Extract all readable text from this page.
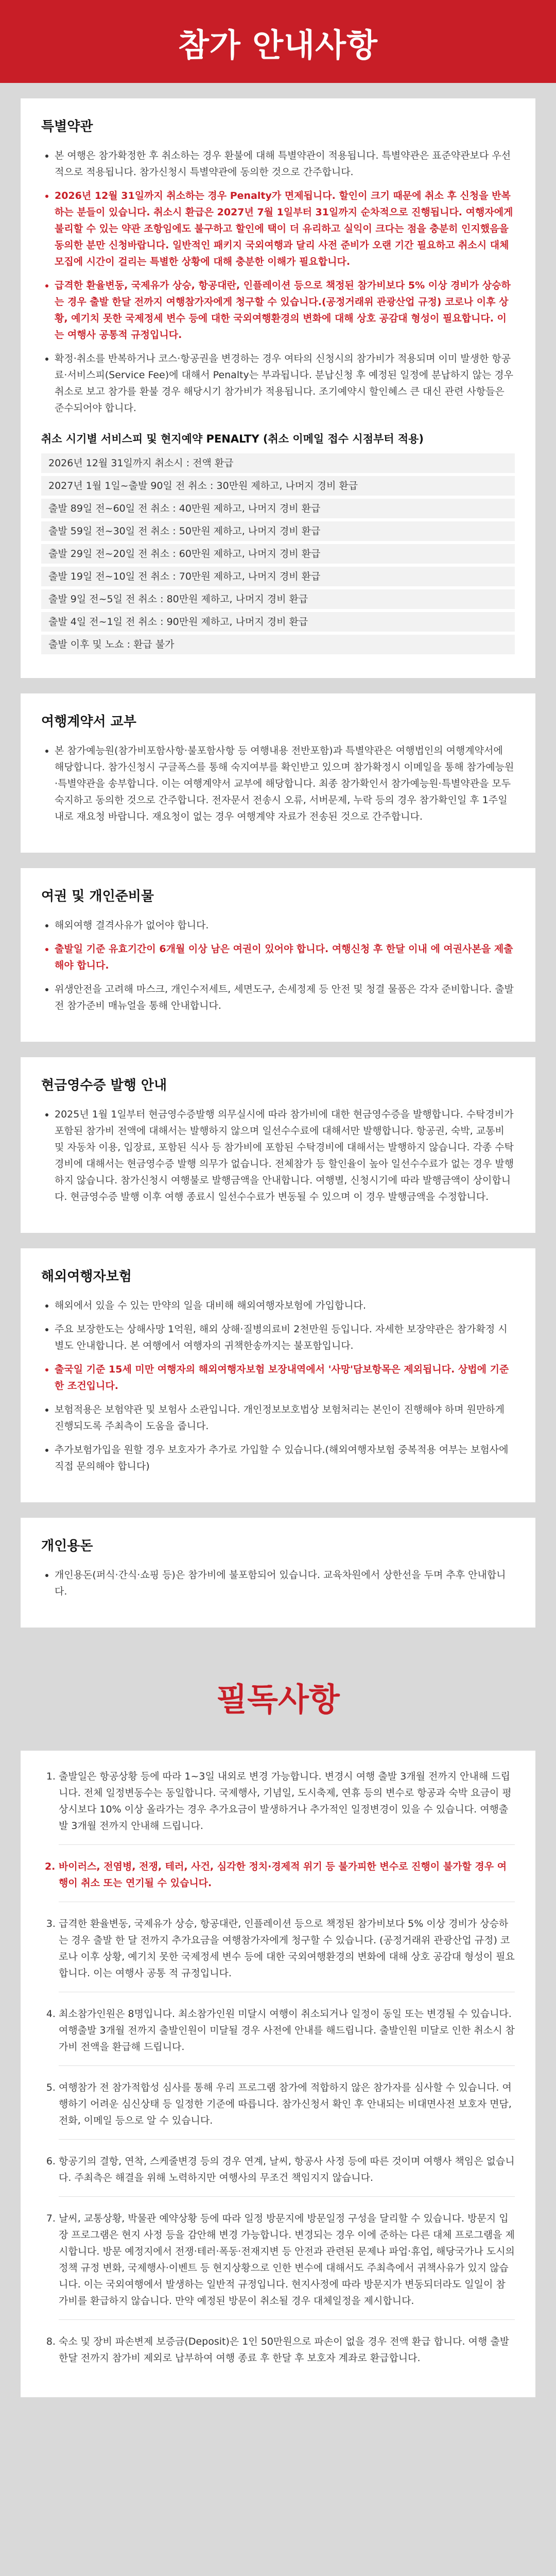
참가 안내사항
특별약관
• 본 여행은 참가확정한 후 취소하는 경우 환불에 대해 특별약관이 적용됩니다. 특별약관은 표준약관보다 우선적으로 적용됩니다. 참가신청시 특별약관에 동의한 것으로 간주합니다.
• 2026년 12월 31일까지 취소하는 경우 Penalty가 면제됩니다. 할인이 크기 때문에 취소 후 신청을 반복하는 분들이 있습니다. 취소시 환급은 2027년 7월 1일부터 31일까지 순차적으로 진행됩니다. 여행자에게 불리할 수 있는 약관 조항임에도 불구하고 할인에 택이 더 유리하고 실익이 크다는 점을 충분히 인지했음을 동의한 분만 신청바랍니다. 일반적인 패키지 국외여행과 달리 사전 준비가 오랜 기간 필요하고 취소시 대체모집에 시간이 걸리는 특별한 상황에 대해 충분한 이해가 필요합니다.
• 급격한 환율변동, 국제유가 상승, 항공대란, 인플레이션 등으로 책정된 참가비보다 5% 이상 경비가 상승하는 경우 출발 한달 전까지 여행참가자에게 청구할 수 있습니다.(공정거래위 관광산업 규정) 코로나 이후 상황, 예기치 못한 국제정세 변수 등에 대한 국외여행환경의 변화에 대해 상호 공감대 형성이 필요합니다. 이는 여행사 공통적 규정입니다.
• 확정·취소를 반복하거나 코스·항공권을 변경하는 경우 여타의 신청시의 참가비가 적용되며 이미 발생한 항공료·서비스피(Service Fee)에 대해서 Penalty는 부과됩니다. 분납신청 후 예정된 일정에 분납하지 않는 경우 취소로 보고 참가를 환불 경우 해당시기 참가비가 적용됩니다. 조기예약시 할인혜스 큰 대신 관련 사항들은 준수되어야 합니다.
취소 시기별 서비스피 및 현지예약 PENALTY (취소 이메일 접수 시점부터 적용)
2026년 12월 31일까지 취소시 : 전액 환급
2027년 1월 1일~출발 90일 전 취소 : 30만원 제하고, 나머지 경비 환급
출발 89일 전~60일 전 취소 : 40만원 제하고, 나머지 경비 환급
출발 59일 전~30일 전 취소 : 50만원 제하고, 나머지 경비 환급
출발 29일 전~20일 전 취소 : 60만원 제하고, 나머지 경비 환급
출발 19일 전~10일 전 취소 : 70만원 제하고, 나머지 경비 환급
출발 9일 전~5일 전 취소 : 80만원 제하고, 나머지 경비 환급
출발 4일 전~1일 전 취소 : 90만원 제하고, 나머지 경비 환급
출발 이후 및 노쇼 : 환급 불가
여행계약서 교부
• 본 참가예능원(참가비포함사항·불포함사항 등 여행내용 전반포함)과 특별약관은 여행법인의 여행계약서에 해당합니다. 참가신청시 구글폭스를 통해 숙지여부를 확인받고 있으며 참가확정시 이메일을 통해 참가예능원·특별약관을 송부합니다. 이는 여행계약서 교부에 해당합니다. 최종 참가확인서 참가예능원·특별약관을 모두 숙지하고 동의한 것으로 간주합니다. 전자문서 전송시 오류, 서버문제, 누락 등의 경우 참가확인일 후 1주일 내로 재요청 바랍니다. 재요청이 없는 경우 여행계약 자료가 전송된 것으로 간주합니다.
여권 및 개인준비물
• 해외여행 결격사유가 없어야 합니다.
• 출발일 기준 유효기간이 6개월 이상 남은 여권이 있어야 합니다. 여행신청 후 한달 이내 에 여권사본을 제출해야 합니다.
• 위생안전을 고려해 마스크, 개인수저세트, 세면도구, 손세정제 등 안전 및 청결 물품은 각자 준비합니다. 출발 전 참가준비 매뉴얼을 통해 안내합니다.
현금영수증 발행 안내
• 2025년 1월 1일부터 현금영수증발행 의무실시에 따라 참가비에 대한 현금영수증을 발행합니다. 수탁경비가 포함된 참가비 전액에 대해서는 발행하지 않으며 일선수수료에 대해서만 발행합니다. 항공권, 숙박, 교통비 및 자동차 이용, 입장료, 포함된 식사 등 참가비에 포함된 수탁경비에 대해서는 발행하지 않습니다. 각종 수탁경비에 대해서는 현금영수증 발행 의무가 없습니다. 전체참가 등 할인율이 높아 일선수수료가 없는 경우 발행하지 않습니다. 참가신청시 여행불로 발행금액을 안내합니다. 여행별, 신청시기에 따라 발행금액이 상이합니다. 현금영수증 발행 이후 여행 종료시 일선수수료가 변동될 수 있으며 이 경우 발행금액을 수정합니다.
해외여행자보험
• 해외에서 있을 수 있는 만약의 일을 대비해 해외여행자보험에 가입합니다.
• 주요 보장한도는 상해사망 1억원, 해외 상해·질병의료비 2천만원 등입니다. 자세한 보장약관은 참가확정 시 별도 안내합니다. 본 여행에서 여행자의 귀책한송까지는 불포함입니다.
• 출국일 기준 15세 미만 여행자의 해외여행자보험 보장내역에서 '사망'담보항목은 제외됩니다. 상법에 기준한 조건입니다.
• 보험적용은 보험약관 및 보험사 소관입니다. 개인정보보호법상 보험처리는 본인이 진행해야 하며 원만하게 진행되도록 주최측이 도움을 줍니다.
• 추가보험가입을 원할 경우 보호자가 추가로 가입할 수 있습니다.(해외여행자보험 중복적용 여부는 보험사에 직접 문의해야 합니다)
개인용돈
• 개인용돈(퍼식·간식·쇼핑 등)은 참가비에 불포함되어 있습니다. 교육차원에서 상한선을 두며 추후 안내합니다.
필독사항
1. 출발일은 항공상황 등에 따라 1~3일 내외로 변경 가능합니다. 변경시 여행 출발 3개월 전까지 안내해 드립니다. 전체 일정변동수는 동일합니다. 국제행사, 기념일, 도시축제, 연휴 등의 변수로 항공과 숙박 요금이 평상시보다 10% 이상 올라가는 경우 추가요금이 발생하거나 추가적인 일정변경이 있을 수 있습니다. 여행출발 3개월 전까지 안내해 드립니다.
2. 바이러스, 전염병, 전쟁, 테러, 사건, 심각한 정치·경제적 위기 등 불가피한 변수로 진행이 불가할 경우 여행이 취소 또는 연기될 수 있습니다.
3. 급격한 환율변동, 국제유가 상승, 항공대란, 인플레이션 등으로 책정된 참가비보다 5% 이상 경비가 상승하는 경우 출발 한 달 전까지 추가요금을 여행참가자에게 청구할 수 있습니다. (공정거래위 관광산업 규정) 코로나 이후 상황, 예기치 못한 국제정세 변수 등에 대한 국외여행환경의 변화에 대해 상호 공감대 형성이 필요합니다. 이는 여행사 공통 적 규정입니다.
4. 최소참가인원은 8명입니다. 최소참가인원 미달시 여행이 취소되거나 일정이 동일 또는 변경될 수 있습니다. 여행출발 3개월 전까지 출발인원이 미달될 경우 사전에 안내를 해드립니다. 출발인원 미달로 인한 취소시 참가비 전액을 환급해 드립니다.
5. 여행참가 전 참가적합성 심사를 통해 우리 프로그램 참가에 적합하지 않은 참가자를 심사할 수 있습니다. 여행하기 어려운 심신상태 등 일정한 기준에 따릅니다. 참가신청서 확인 후 안내되는 비대면사전 보호자 면담, 전화, 이메일 등으로 알 수 있습니다.
6. 항공기의 결항, 연착, 스케줄변경 등의 경우 연계, 날씨, 항공사 사정 등에 따른 것이며 여행사 책임은 없습니다. 주최측은 해결을 위해 노력하지만 여행사의 무조건 책임지지 않습니다.
7. 날씨, 교통상황, 박물관 예약상황 등에 따라 일정 방문지에 방문일정 구성을 달리할 수 있습니다. 방문지 입장 프로그램은 현지 사정 등을 감안해 변경 가능합니다. 변경되는 경우 이에 준하는 다른 대체 프로그램을 제시합니다. 방문 예정지에서 전쟁·테러·폭동·전재지변 등 안전과 관련된 문제나 파업·휴업, 해당국가나 도시의 정책 규정 변화, 국제행사·이벤트 등 현지상황으로 인한 변수에 대해서도 주최측에서 귀책사유가 있지 않습니다. 이는 국외여행에서 발생하는 일반적 규정입니다. 현지사정에 따라 방문지가 변동되더라도 일일이 참가비를 환급하지 않습니다. 만약 예정된 방문이 취소될 경우 대체일정을 제시합니다.
8. 숙소 및 장비 파손변제 보증금(Deposit)은 1인 50만원으로 파손이 없을 경우 전액 환급 합니다. 여행 출발 한달 전까지 참가비 제외로 납부하여 여행 종료 후 한달 후 보호자 계좌로 환급합니다.
